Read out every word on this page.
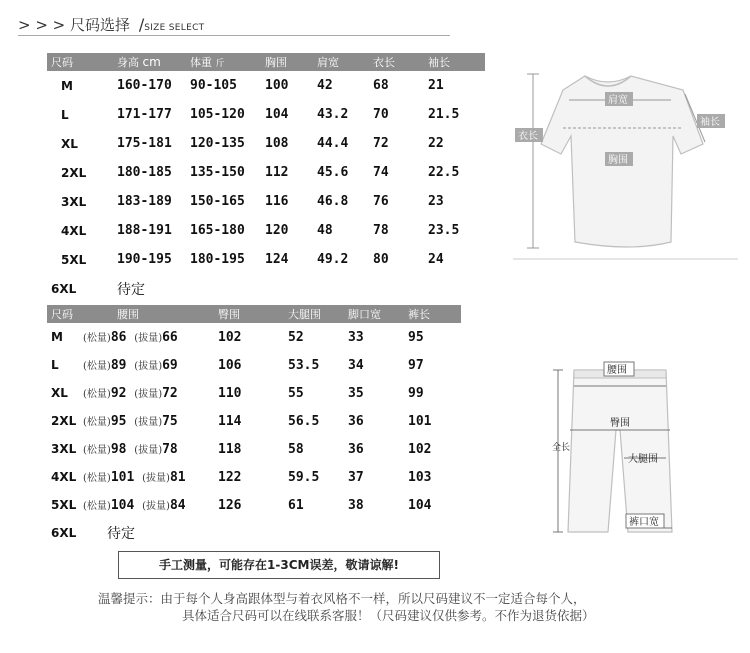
> > > 尺码选择 /SIZE SELECT
尺码	身高 cm	体重 斤	胸围	肩宽	衣长	袖长
M	160-170	90-105	100	42	68	21
L	171-177	105-120	104	43.2	70	21.5
XL	175-181	120-135	108	44.4	72	22
2XL	180-185	135-150	112	45.6	74	22.5
3XL	183-189	150-165	116	46.8	76	23
4XL	188-191	165-180	120	48	78	23.5
5XL	190-195	180-195	124	49.2	80	24
6XL	待定					
尺码	腰围	臀围	大腿围	脚口宽	裤长
M	(松量)86 (拔量)66	102	52	33	95
L	(松量)89 (拔量)69	106	53.5	34	97
XL	(松量)92 (拔量)72	110	55	35	99
2XL	(松量)95 (拔量)75	114	56.5	36	101
3XL	(松量)98 (拔量)78	118	58	36	102
4XL	(松量)101 (拔量)81	122	59.5	37	103
5XL	(松量)104 (拔量)84	126	61	38	104
6XL	待定				
手工测量，可能存在1-3CM误差，敬请谅解!
温馨提示：由于每个人身高跟体型与着衣风格不一样，所以尺码建议不一定适合每个人，
具体适合尺码可以在线联系客服！（尺码建议仅供参考。不作为退货依据）
肩宽
胸围
衣长
袖长
腰围
臀围
大腿围
全长
裤口宽
